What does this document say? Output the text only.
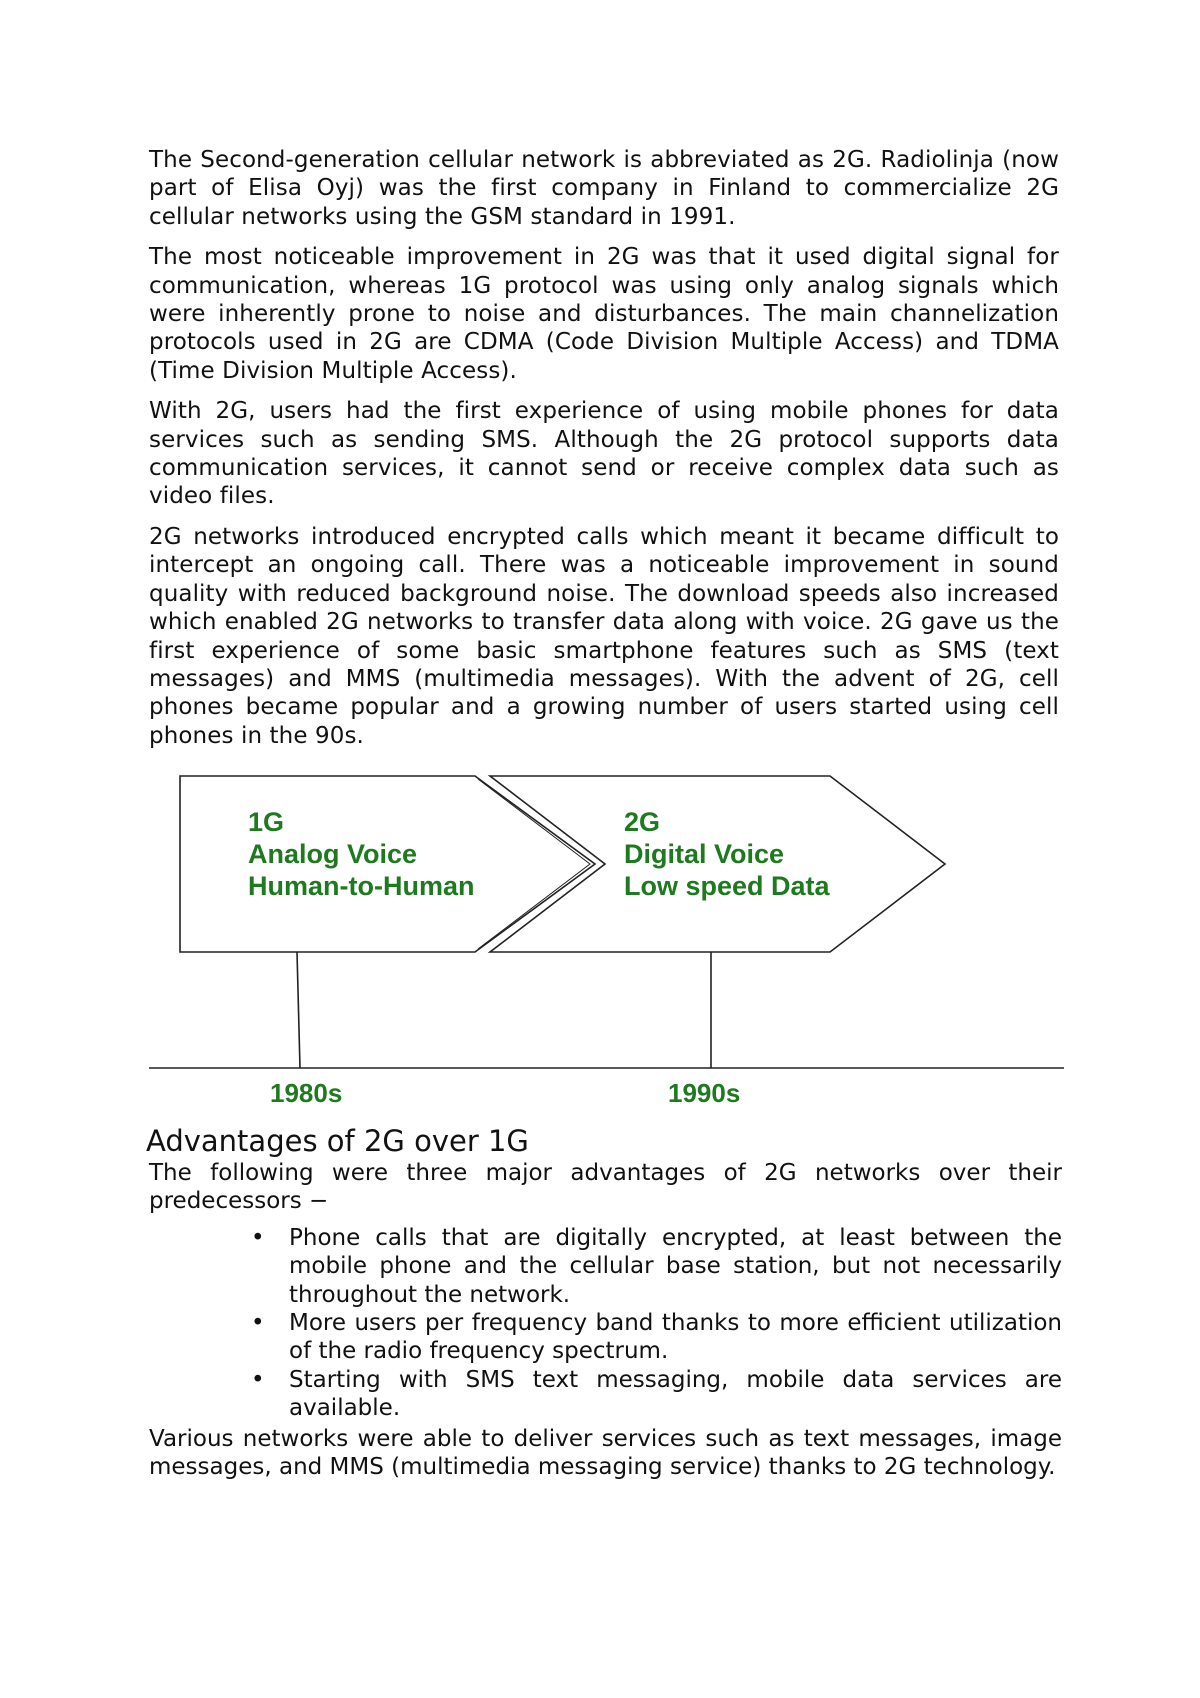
The Second-generation cellular network is abbreviated as 2G. Radiolinja (now part of Elisa Oyj) was the first company in Finland to commercialize 2G cellular networks using the GSM standard in 1991.

The most noticeable improvement in 2G was that it used digital signal for communication, whereas 1G protocol was using only analog signals which were inherently prone to noise and disturbances. The main channelization protocols used in 2G are CDMA (Code Division Multiple Access) and TDMA (Time Division Multiple Access).

With 2G, users had the first experience of using mobile phones for data services such as sending SMS. Although the 2G protocol supports data communication services, it cannot send or receive complex data such as video files.

2G networks introduced encrypted calls which meant it became difficult to intercept an ongoing call. There was a noticeable improvement in sound quality with reduced background noise. The download speeds also increased which enabled 2G networks to transfer data along with voice. 2G gave us the first experience of some basic smartphone features such as SMS (text messages) and MMS (multimedia messages). With the advent of 2G, cell phones became popular and a growing number of users started using cell phones in the 90s.

1G
Analog Voice
Human-to-Human
2G
Digital Voice
Low speed Data
1980s	1990s
Advantages of 2G over 1G

The following were three major advantages of 2G networks over their predecessors −

• Phone calls that are digitally encrypted, at least between the mobile phone and the cellular base station, but not necessarily throughout the network.
• More users per frequency band thanks to more efficient utilization of the radio frequency spectrum.
• Starting with SMS text messaging, mobile data services are available.

Various networks were able to deliver services such as text messages, image messages, and MMS (multimedia messaging service) thanks to 2G technology.
